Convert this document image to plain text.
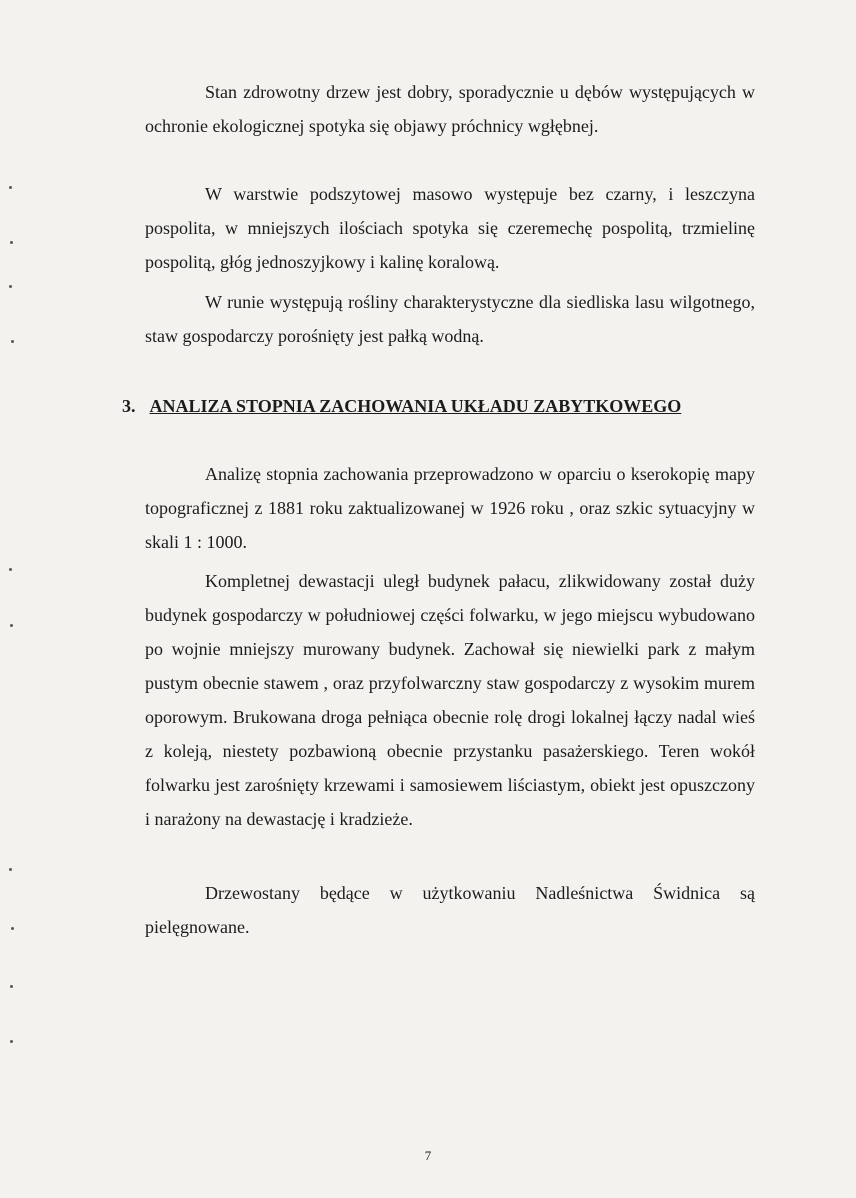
Stan zdrowotny drzew jest dobry, sporadycznie u dębów występujących w ochronie ekologicznej spotyka się objawy próchnicy wgłębnej.

W warstwie podszytowej masowo występuje bez czarny, i leszczyna pospolita, w mniejszych ilościach spotyka się czeremechę pospolitą, trzmielinę pospolitą, głóg jednoszyjkowy i kalinę koralową.

W runie występują rośliny charakterystyczne dla siedliska lasu wilgotnego, staw gospodarczy porośnięty jest pałką wodną.

3. ANALIZA STOPNIA ZACHOWANIA UKŁADU ZABYTKOWEGO

Analizę stopnia zachowania przeprowadzono w oparciu o kserokopię mapy topograficznej z 1881 roku zaktualizowanej w 1926 roku , oraz szkic sytuacyjny w skali 1 : 1000.

Kompletnej dewastacji uległ budynek pałacu, zlikwidowany został duży budynek gospodarczy w południowej części folwarku, w jego miejscu wybudowano po wojnie mniejszy murowany budynek. Zachował się niewielki park z małym pustym obecnie stawem , oraz przyfolwarczny staw gospodarczy z wysokim murem oporowym. Brukowana droga pełniąca obecnie rolę drogi lokalnej łączy nadal wieś z koleją, niestety pozbawioną obecnie przystanku pasażerskiego. Teren wokół folwarku jest zarośnięty krzewami i samosiewem liściastym, obiekt jest opuszczony i narażony na dewastację i kradzieże.

Drzewostany będące w użytkowaniu Nadleśnictwa Świdnica są pielęgnowane.

7
